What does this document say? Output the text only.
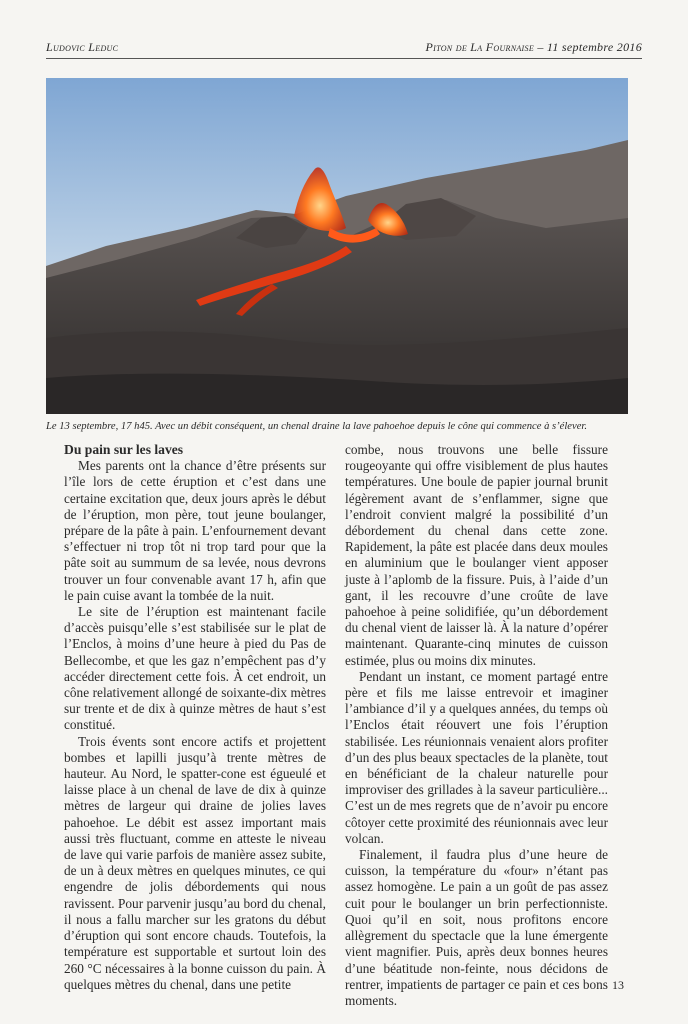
Ludovic Leduc	Piton de La Fournaise – 11 septembre 2016
Le 13 septembre, 17 h45. Avec un débit conséquent, un chenal draine la lave pahoehoe depuis le cône qui commence à s’élever.
Du pain sur les laves

Mes parents ont la chance d’être présents sur l’île lors de cette éruption et c’est dans une certaine excitation que, deux jours après le début de l’éruption, mon père, tout jeune boulanger, prépare de la pâte à pain. L’enfournement devant s’effectuer ni trop tôt ni trop tard pour que la pâte soit au summum de sa levée, nous devrons trouver un four convenable avant 17 h, afin que le pain cuise avant la tombée de la nuit.

Le site de l’éruption est maintenant facile d’accès puisqu’elle s’est stabilisée sur le plat de l’Enclos, à moins d’une heure à pied du Pas de Bellecombe, et que les gaz n’empêchent pas d’y accéder directement cette fois. À cet endroit, un cône relativement allongé de soixante-dix mètres sur trente et de dix à quinze mètres de haut s’est constitué.

Trois évents sont encore actifs et projettent bombes et lapilli jusqu’à trente mètres de hauteur. Au Nord, le spatter-cone est égueulé et laisse place à un chenal de lave de dix à quinze mètres de largeur qui draine de jolies laves pahoehoe. Le débit est assez important mais aussi très fluctuant, comme en atteste le niveau de lave qui varie parfois de manière assez subite, de un à deux mètres en quelques minutes, ce qui engendre de jolis débordements qui nous ravissent. Pour parvenir jusqu’au bord du chenal, il nous a fallu marcher sur les gratons du début d’éruption qui sont encore chauds. Toutefois, la température est supportable et surtout loin des 260 °C nécessaires à la bonne cuisson du pain. À quelques mètres du chenal, dans une petite

combe, nous trouvons une belle fissure rougeoyante qui offre visiblement de plus hautes températures. Une boule de papier journal brunit légèrement avant de s’enflammer, signe que l’endroit convient malgré la possibilité d’un débordement du chenal dans cette zone. Rapidement, la pâte est placée dans deux moules en aluminium que le boulanger vient apposer juste à l’aplomb de la fissure. Puis, à l’aide d’un gant, il les recouvre d’une croûte de lave pahoehoe à peine solidifiée, qu’un débordement du chenal vient de laisser là. À la nature d’opérer maintenant. Quarante-cinq minutes de cuisson estimée, plus ou moins dix minutes.

Pendant un instant, ce moment partagé entre père et fils me laisse entrevoir et imaginer l’ambiance d’il y a quelques années, du temps où l’Enclos était réouvert une fois l’éruption stabilisée. Les réunionnais venaient alors profiter d’un des plus beaux spectacles de la planète, tout en bénéficiant de la chaleur naturelle pour improviser des grillades à la saveur particulière... C’est un de mes regrets que de n’avoir pu encore côtoyer cette proximité des réunionnais avec leur volcan.

Finalement, il faudra plus d’une heure de cuisson, la température du «four» n’étant pas assez homogène. Le pain a un goût de pas assez cuit pour le boulanger un brin perfectionniste. Quoi qu’il en soit, nous profitons encore allègrement du spectacle que la lune émergente vient magnifier. Puis, après deux bonnes heures d’une béatitude non-feinte, nous décidons de rentrer, impatients de partager ce pain et ces bons moments.

13
